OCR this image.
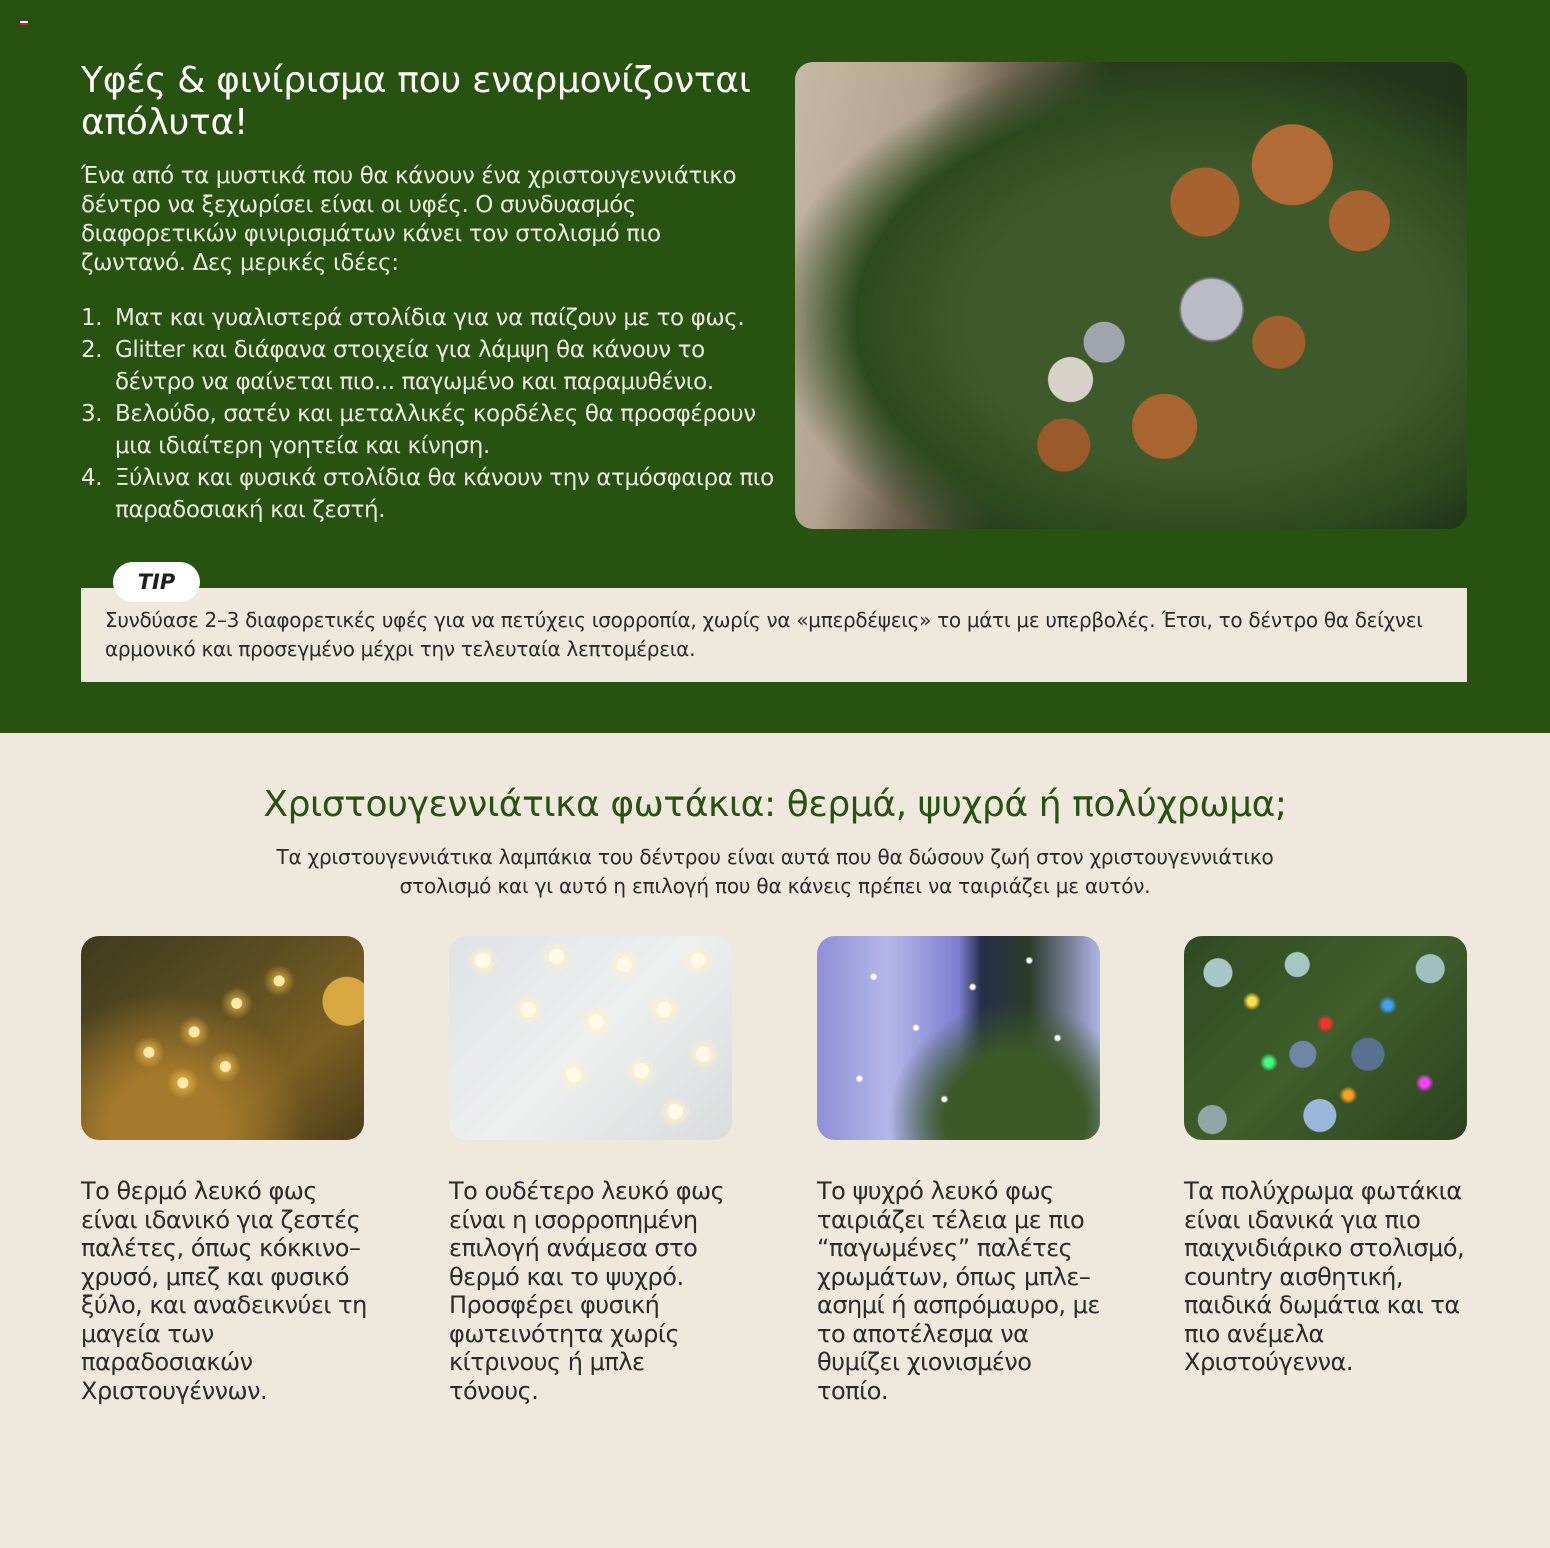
Υφές & φινίρισμα που εναρμονίζονται απόλυτα!

Ένα από τα μυστικά που θα κάνουν ένα χριστουγεννιάτικο δέντρο να ξεχωρίσει είναι οι υφές. Ο συνδυασμός διαφορετικών φινιρισμάτων κάνει τον στολισμό πιο ζωντανό. Δες μερικές ιδέες:

1. Ματ και γυαλιστερά στολίδια για να παίζουν με το φως.
2. Glitter και διάφανα στοιχεία για λάμψη θα κάνουν το δέντρο να φαίνεται πιο... παγωμένο και παραμυθένιο.
3. Βελούδο, σατέν και μεταλλικές κορδέλες θα προσφέρουν μια ιδιαίτερη γοητεία και κίνηση.
4. Ξύλινα και φυσικά στολίδια θα κάνουν την ατμόσφαιρα πιο παραδοσιακή και ζεστή.
TIP

Συνδύασε 2–3 διαφορετικές υφές για να πετύχεις ισορροπία, χωρίς να «μπερδέψεις» το μάτι με υπερβολές. Έτσι, το δέντρο θα δείχνει αρμονικό και προσεγμένο μέχρι την τελευταία λεπτομέρεια.

Χριστουγεννιάτικα φωτάκια: θερμά, ψυχρά ή πολύχρωμα;

Τα χριστουγεννιάτικα λαμπάκια του δέντρου είναι αυτά που θα δώσουν ζωή στον χριστουγεννιάτικο στολισμό και γι αυτό η επιλογή που θα κάνεις πρέπει να ταιριάζει με αυτόν.

Το θερμό λευκό φως είναι ιδανικό για ζεστές παλέτες, όπως κόκκινο–χρυσό, μπεζ και φυσικό ξύλο, και αναδεικνύει τη μαγεία των παραδοσιακών Χριστουγέννων.

Το ουδέτερο λευκό φως είναι η ισορροπημένη επιλογή ανάμεσα στο θερμό και το ψυχρό. Προσφέρει φυσική φωτεινότητα χωρίς κίτρινους ή μπλε τόνους.

Το ψυχρό λευκό φως ταιριάζει τέλεια με πιο “παγωμένες” παλέτες χρωμάτων, όπως μπλε–ασημί ή ασπρόμαυρο, με το αποτέλεσμα να θυμίζει χιονισμένο τοπίο.

Τα πολύχρωμα φωτάκια είναι ιδανικά για πιο παιχνιδιάρικο στολισμό, country αισθητική, παιδικά δωμάτια και τα πιο ανέμελα Χριστούγεννα.
